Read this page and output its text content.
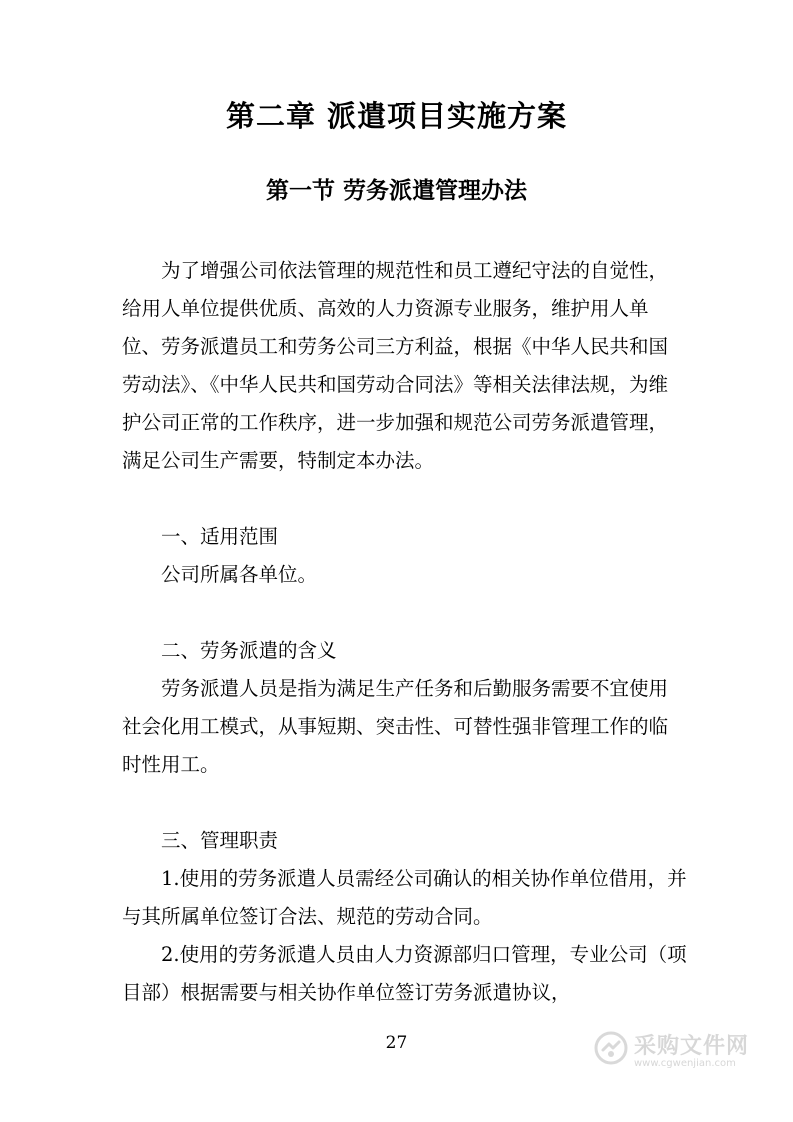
第二章 派遣项目实施方案
第一节 劳务派遣管理办法

为了增强公司依法管理的规范性和员工遵纪守法的自觉性，给用人单位提供优质、高效的人力资源专业服务，维护用人单位、劳务派遣员工和劳务公司三方利益，根据《中华人民共和国劳动法》、《中华人民共和国劳动合同法》等相关法律法规，为维护公司正常的工作秩序，进一步加强和规范公司劳务派遣管理，满足公司生产需要，特制定本办法。

一、适用范围

公司所属各单位。

二、劳务派遣的含义

劳务派遣人员是指为满足生产任务和后勤服务需要不宜使用社会化用工模式，从事短期、突击性、可替性强非管理工作的临时性用工。

三、管理职责

1.使用的劳务派遣人员需经公司确认的相关协作单位借用，并与其所属单位签订合法、规范的劳动合同。

2.使用的劳务派遣人员由人力资源部归口管理，专业公司（项目部）根据需要与相关协作单位签订劳务派遣协议，

27	采购文件网
www.cgwenjian.com
